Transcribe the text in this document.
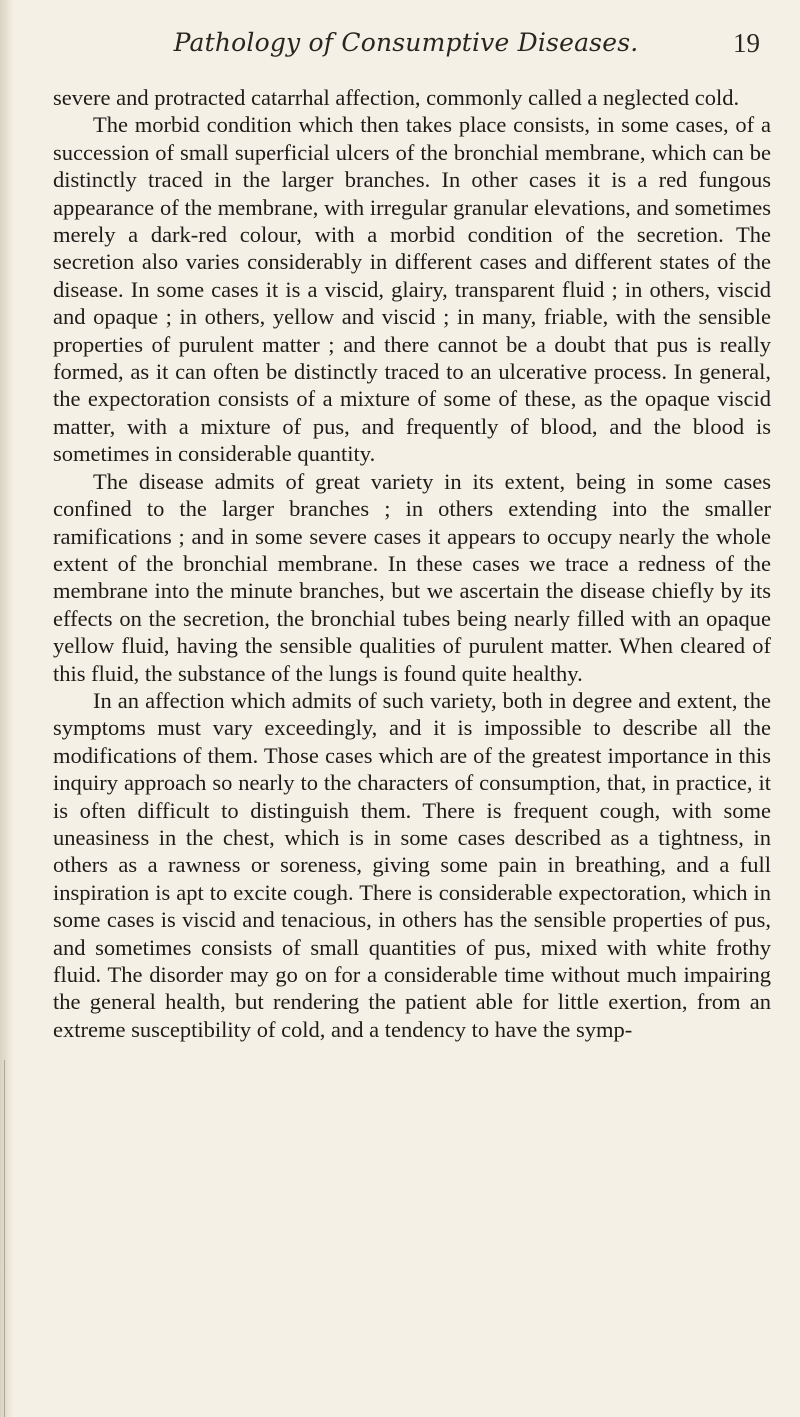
Pathology of Consumptive Diseases.	19

severe and protracted catarrhal affection, commonly called a neglected cold.

The morbid condition which then takes place consists, in some cases, of a succession of small superficial ulcers of the bronchial membrane, which can be distinctly traced in the larger branches. In other cases it is a red fungous appearance of the membrane, with irregular granular elevations, and sometimes merely a dark-red colour, with a morbid condition of the secretion. The secretion also varies considerably in different cases and different states of the disease. In some cases it is a viscid, glairy, transparent fluid ; in others, viscid and opaque ; in others, yellow and viscid ; in many, friable, with the sensible properties of purulent matter ; and there cannot be a doubt that pus is really formed, as it can often be distinctly traced to an ulcerative process. In general, the expectoration consists of a mixture of some of these, as the opaque viscid matter, with a mixture of pus, and frequently of blood, and the blood is sometimes in considerable quantity.

The disease admits of great variety in its extent, being in some cases confined to the larger branches ; in others extending into the smaller ramifications ; and in some severe cases it appears to occupy nearly the whole extent of the bronchial membrane. In these cases we trace a redness of the membrane into the minute branches, but we ascertain the disease chiefly by its effects on the secretion, the bronchial tubes being nearly filled with an opaque yellow fluid, having the sensible qualities of purulent matter. When cleared of this fluid, the substance of the lungs is found quite healthy.

In an affection which admits of such variety, both in degree and extent, the symptoms must vary exceedingly, and it is impossible to describe all the modifications of them. Those cases which are of the greatest importance in this inquiry approach so nearly to the characters of consumption, that, in practice, it is often difficult to distinguish them. There is frequent cough, with some uneasiness in the chest, which is in some cases described as a tightness, in others as a rawness or soreness, giving some pain in breathing, and a full inspiration is apt to excite cough. There is considerable expectoration, which in some cases is viscid and tenacious, in others has the sensible properties of pus, and sometimes consists of small quantities of pus, mixed with white frothy fluid. The disorder may go on for a considerable time without much impairing the general health, but rendering the patient able for little exertion, from an extreme susceptibility of cold, and a tendency to have the symp-
